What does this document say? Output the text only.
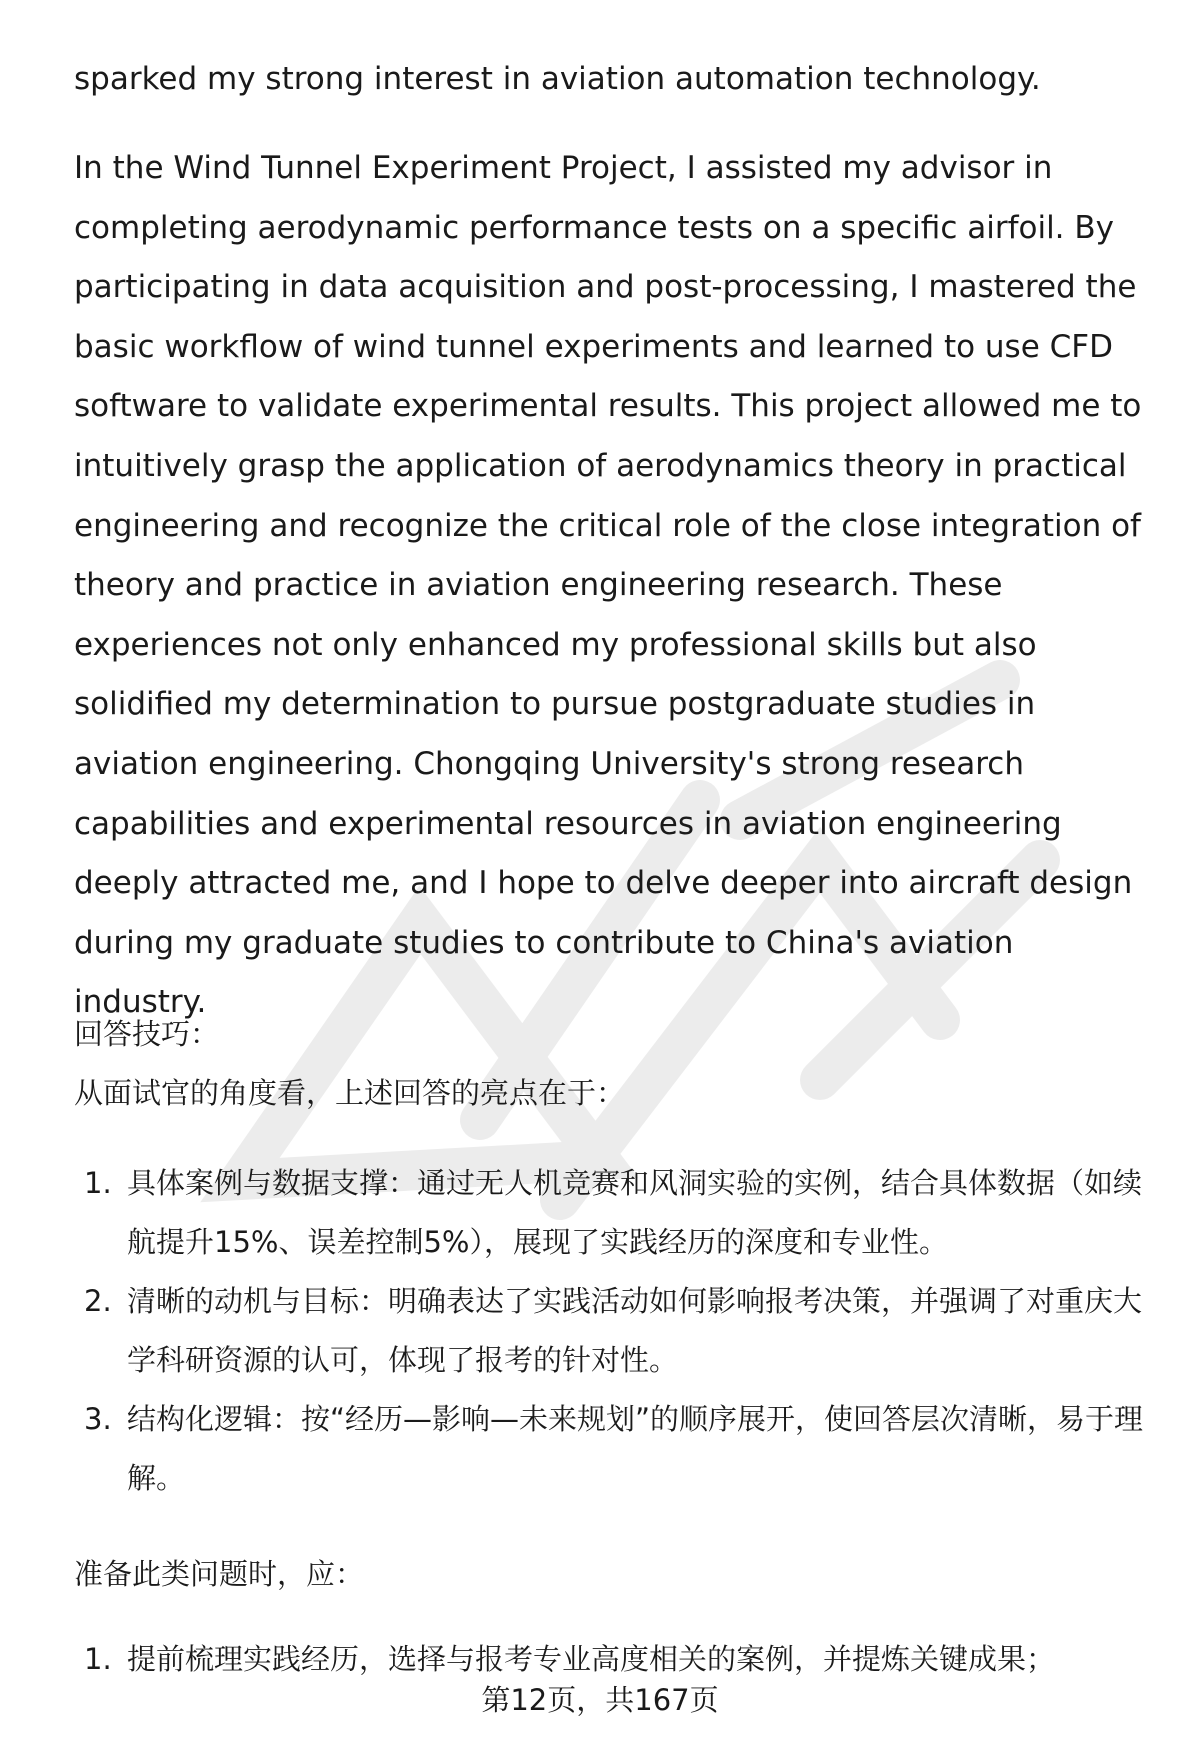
sparked my strong interest in aviation automation technology.

In the Wind Tunnel Experiment Project, I assisted my advisor in completing aerodynamic performance tests on a specific airfoil. By participating in data acquisition and post-processing, I mastered the basic workflow of wind tunnel experiments and learned to use CFD software to validate experimental results. This project allowed me to intuitively grasp the application of aerodynamics theory in practical engineering and recognize the critical role of the close integration of theory and practice in aviation engineering research. These experiences not only enhanced my professional skills but also solidified my determination to pursue postgraduate studies in aviation engineering. Chongqing University's strong research capabilities and experimental resources in aviation engineering deeply attracted me, and I hope to delve deeper into aircraft design during my graduate studies to contribute to China's aviation industry.

回答技巧：
从面试官的角度看，上述回答的亮点在于：
1. 具体案例与数据支撑：通过无人机竞赛和风洞实验的实例，结合具体数据（如续航提升15%、误差控制5%），展现了实践经历的深度和专业性。
2. 清晰的动机与目标：明确表达了实践活动如何影响报考决策，并强调了对重庆大学科研资源的认可，体现了报考的针对性。
3. 结构化逻辑：按“经历—影响—未来规划”的顺序展开，使回答层次清晰，易于理解。
准备此类问题时，应：
1. 提前梳理实践经历，选择与报考专业高度相关的案例，并提炼关键成果；
第12页，共167页
